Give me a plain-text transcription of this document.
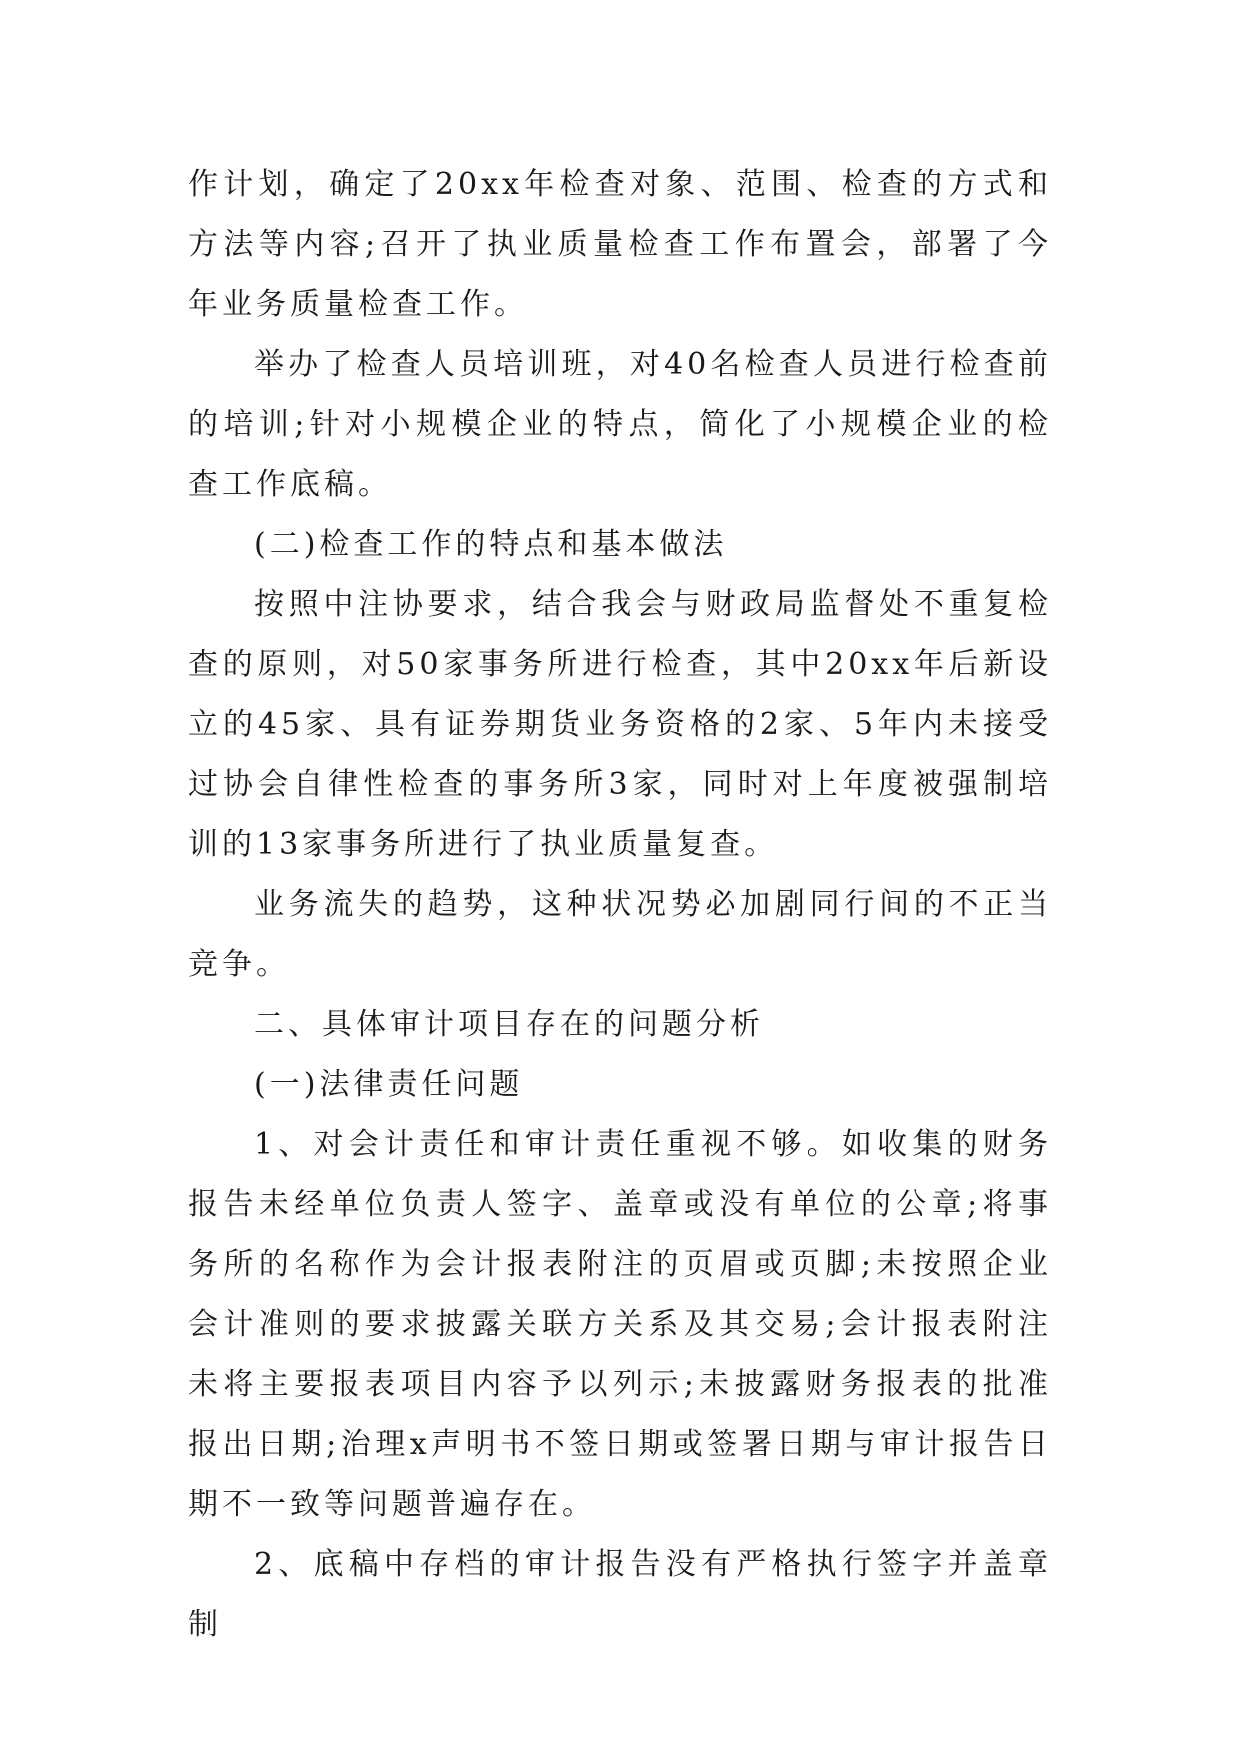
作计划，确定了20xx年检查对象、范围、检查的方式和方法等内容;召开了执业质量检查工作布置会，部署了今年业务质量检查工作。

举办了检查人员培训班，对40名检查人员进行检查前的培训;针对小规模企业的特点，简化了小规模企业的检查工作底稿。

(二)检查工作的特点和基本做法

按照中注协要求，结合我会与财政局监督处不重复检查的原则，对50家事务所进行检查，其中20xx年后新设立的45家、具有证券期货业务资格的2家、5年内未接受过协会自律性检查的事务所3家，同时对上年度被强制培训的13家事务所进行了执业质量复查。

业务流失的趋势，这种状况势必加剧同行间的不正当竞争。

二、具体审计项目存在的问题分析

(一)法律责任问题

1、对会计责任和审计责任重视不够。如收集的财务报告未经单位负责人签字、盖章或没有单位的公章;将事务所的名称作为会计报表附注的页眉或页脚;未按照企业会计准则的要求披露关联方关系及其交易;会计报表附注未将主要报表项目内容予以列示;未披露财务报表的批准报出日期;治理x声明书不签日期或签署日期与审计报告日期不一致等问题普遍存在。

2、底稿中存档的审计报告没有严格执行签字并盖章制
